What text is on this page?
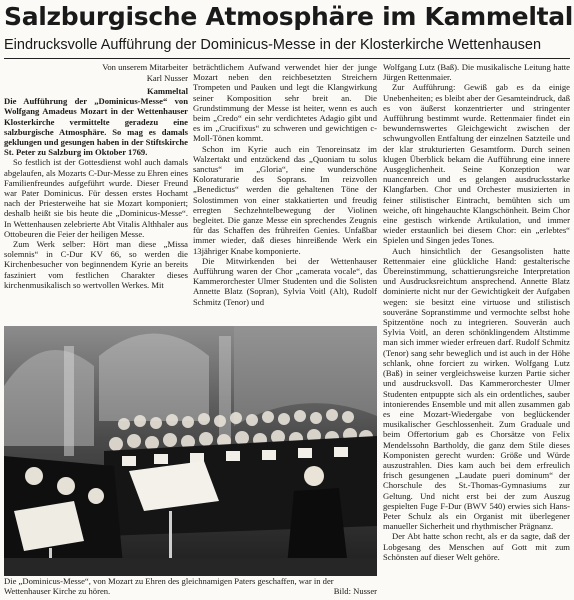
Salzburgische Atmosphäre im Kammeltal
Eindrucksvolle Aufführung der Dominicus-Messe in der Klosterkirche Wettenhausen
Von unserem Mitarbeiter
Karl Nusser
Kammeltal

Die Aufführung der „Dominicus-Messe“ von Wolfgang Amadeus Mozart in der Wettenhauser Klosterkirche vermittelte geradezu eine salzburgische Atmosphäre. So mag es damals geklungen und gesungen haben in der Stiftskirche St. Peter zu Salzburg im Oktober 1769.

So festlich ist der Gottesdienst wohl auch damals abgelaufen, als Mozarts C-Dur-Messe zu Ehren eines Familienfreundes aufgeführt wurde. Dieser Freund war Pater Dominicus. Für dessen erstes Hochamt nach der Priesterweihe hat sie Mozart komponiert; deshalb heißt sie bis heute die „Dominicus-Messe“. In Wettenhausen zelebrierte Abt Vitalis Althhaler aus Ottobeuren die Feier der heiligen Messe.

Zum Werk selber: Hört man diese „Missa solemnis“ in C-Dur KV 66, so werden die Kirchenbesucher von beginnendem Kyrie an bereits fasziniert vom festlichen Charakter dieses kirchenmusikalisch so wertvollen Werkes. Mit

beträchtlichem Aufwand verwendet hier der junge Mozart neben den reichbesetzten Streichern Trompeten und Pauken und legt die Klangwirkung seiner Komposition sehr breit an. Die Grundstimmung der Messe ist heiter, wenn es auch beim „Credo“ ein sehr verdichtetes Adagio gibt und es im „Crucifixus“ zu schweren und gewichtigen c-Moll-Tönen kommt.

Schon im Kyrie auch ein Tenoreinsatz im Walzertakt und entzückend das „Quoniam tu solus sanctus“ im „Gloria“, eine wunderschöne Koloraturarie des Soprans. Im reizvollen „Benedictus“ werden die gehaltenen Töne der Solostimmen von einer stakkatierten und freudig erregten Sechzehntelbewegung der Violinen begleitet. Die ganze Messe ein sprechendes Zeugnis für das Schaffen des frühreifen Genies. Unfaßbar immer wieder, daß dieses hinreißende Werk ein 13jähriger Knabe komponierte.

Die Mitwirkenden bei der Wettenhauser Aufführung waren der Chor „camerata vocale“, das Kammerorchester Ulmer Studenten und die Solisten Annette Blatz (Sopran), Sylvia Voitl (Alt), Rudolf Schmitz (Tenor) und

Wolfgang Lutz (Baß). Die musikalische Leitung hatte Jürgen Rettenmaier.

Zur Aufführung: Gewiß gab es da einige Unebenheiten; es bleibt aber der Gesamteindruck, daß es von äußerst konzentrierter und stringenter Aufführung bestimmt wurde. Rettenmaier findet ein bewundernswertes Gleichgewicht zwischen der schwungvollen Entfaltung der einzelnen Satzteile und der klar strukturierten Gesamtform. Durch seinen klugen Überblick bekam die Aufführung eine innere Ausgeglichenheit. Seine Konzeption war nuancenreich und es gelangen ausdrucksstarke Klangfarben. Chor und Orchester musizierten in feiner stilistischer Eintracht, bemühten sich um weiche, oft hingehauchte Klangschönheit. Beim Chor eine gestisch wirkende Artikulation, und immer wieder erstaunlich bei diesem Chor: ein „erlebtes“ Spielen und Singen jedes Tones.

Auch hinsichtlich der Gesangsolisten hatte Rettenmaier eine glückliche Hand: gestalterische Übereinstimmung, schattierungsreiche Interpretation und Ausdrucksreichtum ansprechend. Annette Blatz dominierte nicht nur der Gewichtigkeit der Aufgaben wegen: sie besitzt eine virtuose und stilistisch souveräne Sopranstimme und vermochte selbst hohe Spitzentöne noch zu integrieren. Souverän auch Sylvia Voitl, an deren schönklingendem Altstimme man sich immer wieder erfreuen darf. Rudolf Schmitz (Tenor) sang sehr beweglich und ist auch in der Höhe schlank, ohne forciert zu wirken. Wolfgang Lutz (Baß) in seiner vergleichsweise kurzen Partie sicher und ausdrucksvoll. Das Kammerorchester Ulmer Studenten entpuppte sich als ein ordentliches, sauber intonierendes Ensemble und mit allen zusammen gab es eine Mozart-Wiedergabe von beglückender musikalischer Geschlossenheit. Zum Graduale und beim Offertorium gab es Chorsätze von Felix Mendelssohn Bartholdy, die ganz dem Stile dieses Komponisten gerecht wurden: Größe und Würde auszustrahlen. Dies kam auch bei dem erfreulich frisch gesungenen „Laudate pueri dominum“ der Chorschule des St.-Thomas-Gymnasiums zur Geltung. Und nicht erst bei der zum Auszug gespielten Fuge F-Dur (BWV 540) erwies sich Hans-Peter Schulz als ein Organist mit überlegener manueller Sicherheit und rhythmischer Prägnanz.

Der Abt hatte schon recht, als er da sagte, daß der Lobgesang des Menschen auf Gott mit zum Schönsten auf dieser Welt gehöre.

Die „Dominicus-Messe“, von Mozart zu Ehren des gleichnamigen Paters geschaffen, war in der Wettenhauser Kirche zu hören.	Bild: Nusser
